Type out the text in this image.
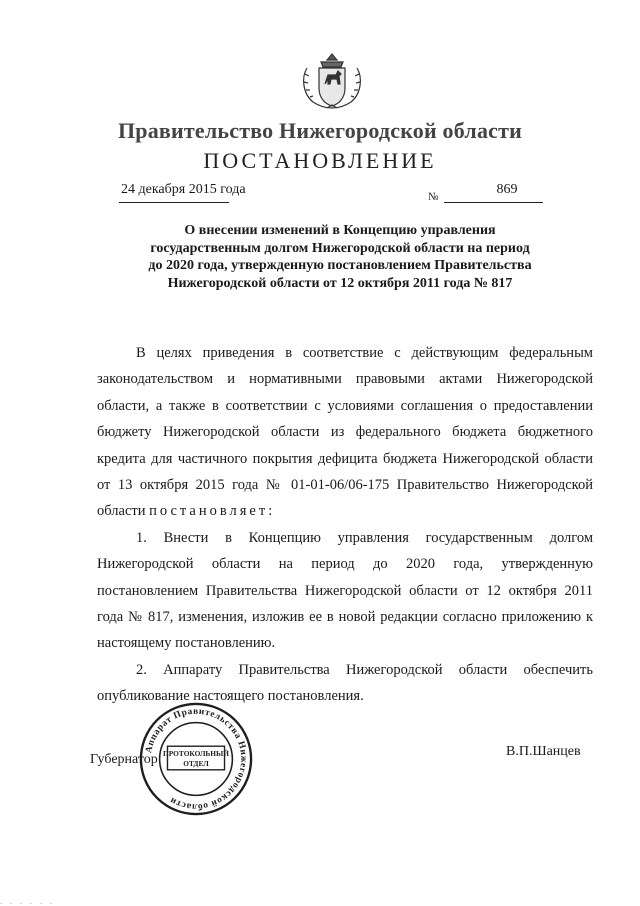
Правительство Нижегородской области
ПОСТАНОВЛЕНИЕ
24 декабря 2015 года	№	869
О внесении изменений в Концепцию управления
государственным долгом Нижегородской области на период
до 2020 года, утвержденную постановлением Правительства
Нижегородской области от 12 октября 2011 года № 817

В целях приведения в соответствие с действующим федеральным законодательством и нормативными правовыми актами Нижегородской области, а также в соответствии с условиями соглашения о предоставлении бюджету Нижегородской области из федерального бюджета бюджетного кредита для частичного покрытия дефицита бюджета Нижегородской области от 13 октября 2015 года № 01-01-06/06-175 Правительство Нижегородской области постановляет:

1. Внести в Концепцию управления государственным долгом Нижегородской области на период до 2020 года, утвержденную постановлением Правительства Нижегородской области от 12 октября 2011 года № 817, изменения, изложив ее в новой редакции согласно приложению к настоящему постановлению.

2. Аппарату Правительства Нижегородской области обеспечить опубликование настоящего постановления.

Губернатор
В.П.Шанцев
Аппарат Правительства Нижегородской области
ПРОТОКОЛЬНЫЙ
ОТДЕЛ
. . . . . .
